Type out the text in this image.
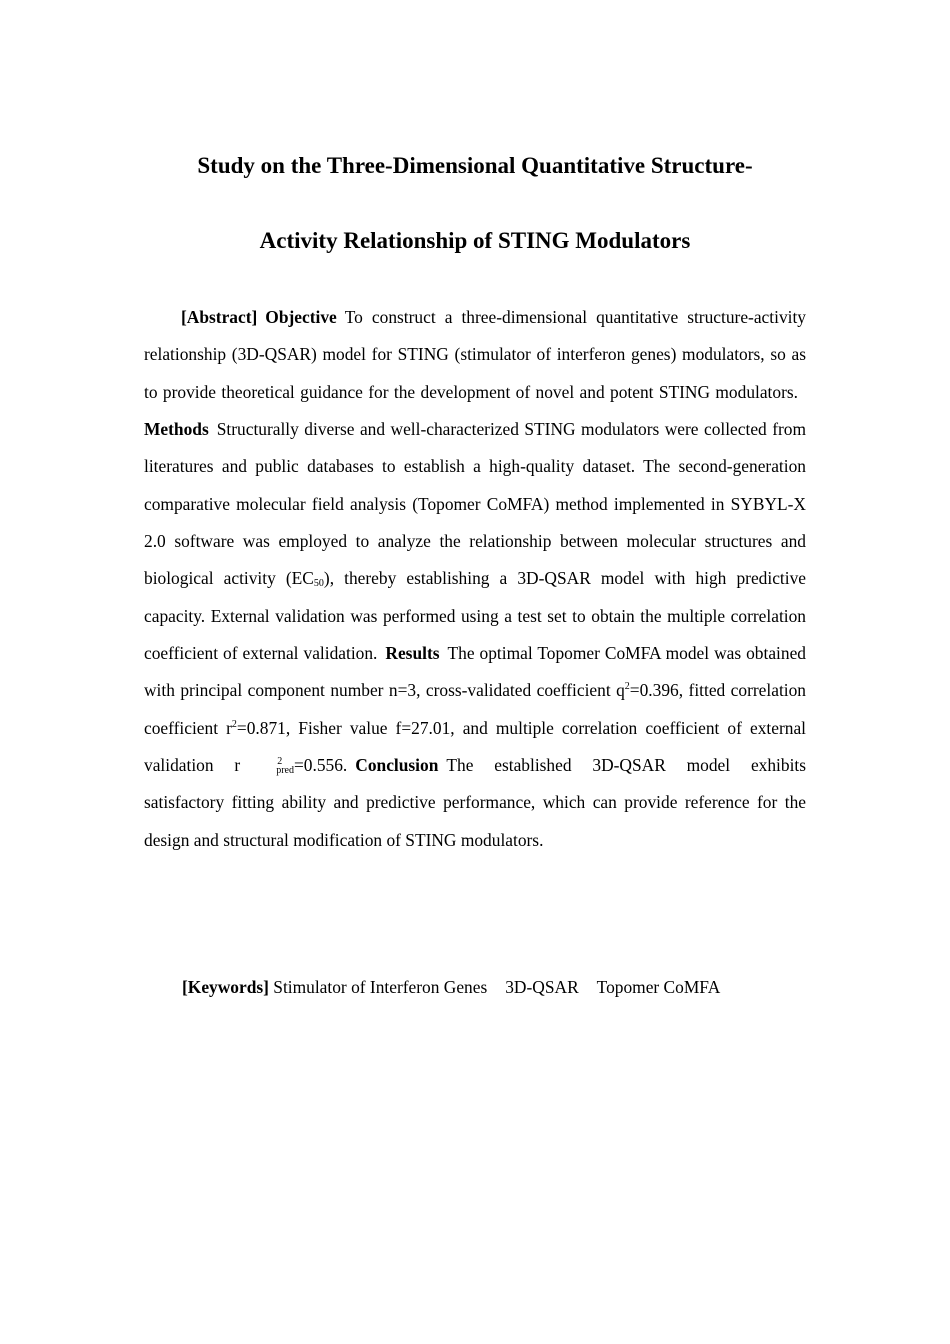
Study on the Three-Dimensional Quantitative Structure-
Activity Relationship of STING Modulators

[Abstract] Objective To construct a three-dimensional quantitative structure-activity relationship (3D-QSAR) model for STING (stimulator of interferon genes) modulators, so as to provide theoretical guidance for the development of novel and potent STING modulators.Methods Structurally diverse and well-characterized STING modulators were collected from literatures and public databases to establish a high-quality dataset. The second-generation comparative molecular field analysis (Topomer CoMFA) method implemented in SYBYL-X 2.0 software was employed to analyze the relationship between molecular structures and biological activity $(EC_{50})$, thereby establishing a 3D-QSAR model with high predictive capacity. External validation was performed using a test set to obtain the multiple correlation coefficient of external validation. Results The optimal Topomer CoMFA model was obtained with principal component number n=3, cross-validated coefficient $q^2=0.396$, fitted correlation coefficient $r^2=0.871$, Fisher value f=27.01, and multiple correlation coefficient of external validation r	$^2_{pred}$=0.556. Conclusion The established 3D-QSAR model exhibits satisfactory fitting ability and predictive performance, which can provide reference for the design and structural modification of STING modulators.

[Keywords] Stimulator of Interferon Genes 3D-QSAR Topomer CoMFA
